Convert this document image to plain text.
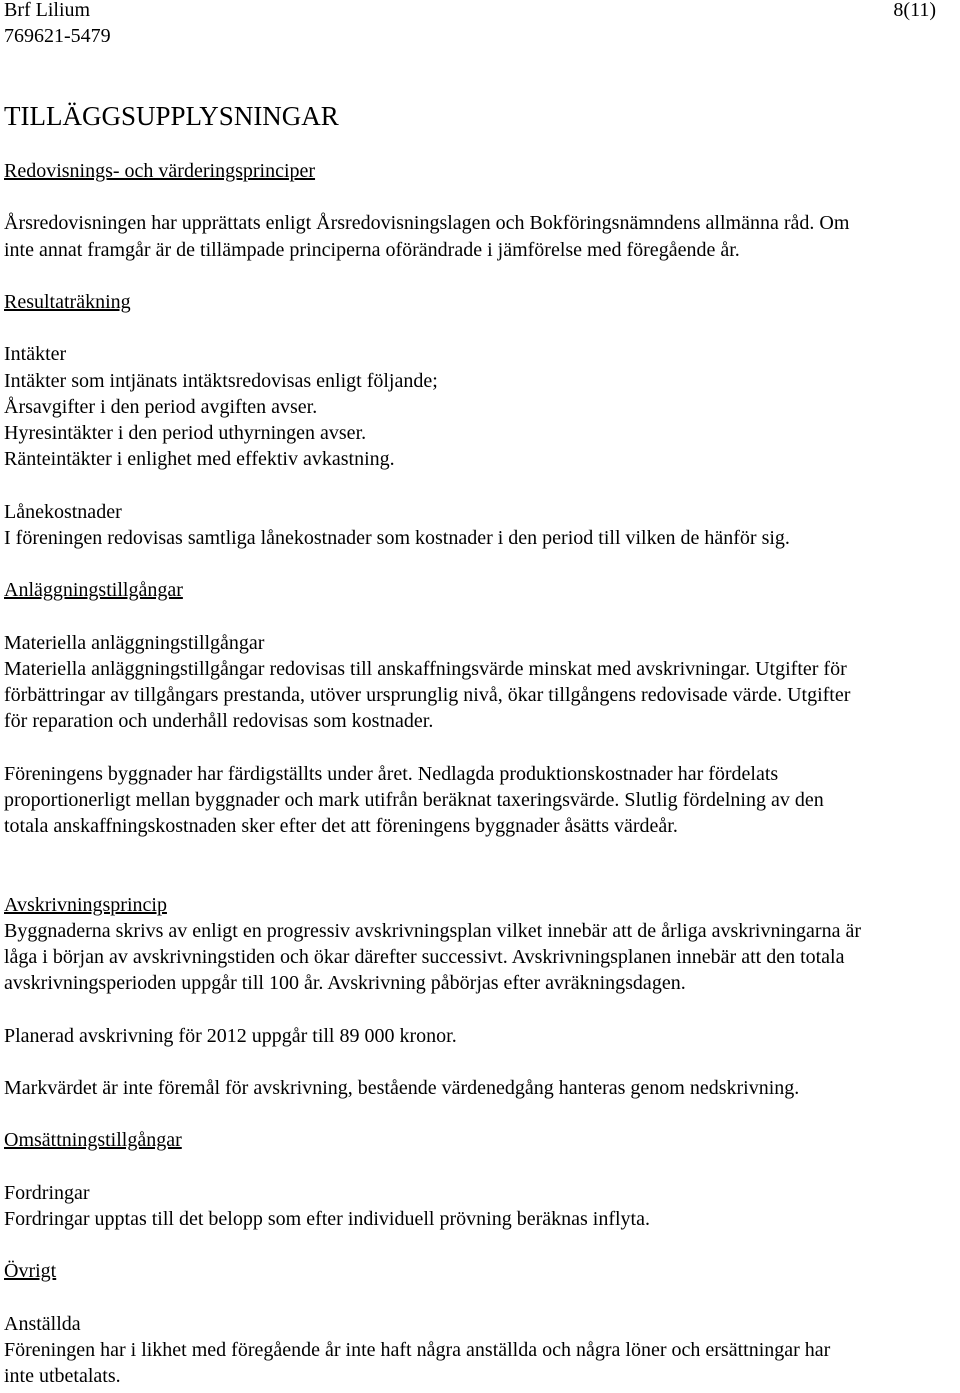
Brf Lilium
769621-5479
8(11)
TILLÄGGSUPPLYSNINGAR
Redovisnings- och värderingsprinciper

Årsredovisningen har upprättats enligt Årsredovisningslagen och Bokföringsnämndens allmänna råd. Om

inte annat framgår är de tillämpade principerna oförändrade i jämförelse med föregående år.

Resultaträkning
Intäkter

Intäkter som intjänats intäktsredovisas enligt följande;

Årsavgifter i den period avgiften avser.

Hyresintäkter i den period uthyrningen avser.

Ränteintäkter i enlighet med effektiv avkastning.

Lånekostnader

I föreningen redovisas samtliga lånekostnader som kostnader i den period till vilken de hänför sig.

Anläggningstillgångar
Materiella anläggningstillgångar

Materiella anläggningstillgångar redovisas till anskaffningsvärde minskat med avskrivningar. Utgifter för

förbättringar av tillgångars prestanda, utöver ursprunglig nivå, ökar tillgångens redovisade värde. Utgifter

för reparation och underhåll redovisas som kostnader.

Föreningens byggnader har färdigställts under året. Nedlagda produktionskostnader har fördelats

proportionerligt mellan byggnader och mark utifrån beräknat taxeringsvärde. Slutlig fördelning av den

totala anskaffningskostnaden sker efter det att föreningens byggnader åsätts värdeår.

Avskrivningsprincip

Byggnaderna skrivs av enligt en progressiv avskrivningsplan vilket innebär att de årliga avskrivningarna är

låga i början av avskrivningstiden och ökar därefter successivt. Avskrivningsplanen innebär att den totala

avskrivningsperioden uppgår till 100 år. Avskrivning påbörjas efter avräkningsdagen.

Planerad avskrivning för 2012 uppgår till 89 000 kronor.

Markvärdet är inte föremål för avskrivning, bestående värdenedgång hanteras genom nedskrivning.

Omsättningstillgångar
Fordringar

Fordringar upptas till det belopp som efter individuell prövning beräknas inflyta.

Övrigt
Anställda

Föreningen har i likhet med föregående år inte haft några anställda och några löner och ersättningar har

inte utbetalats.
